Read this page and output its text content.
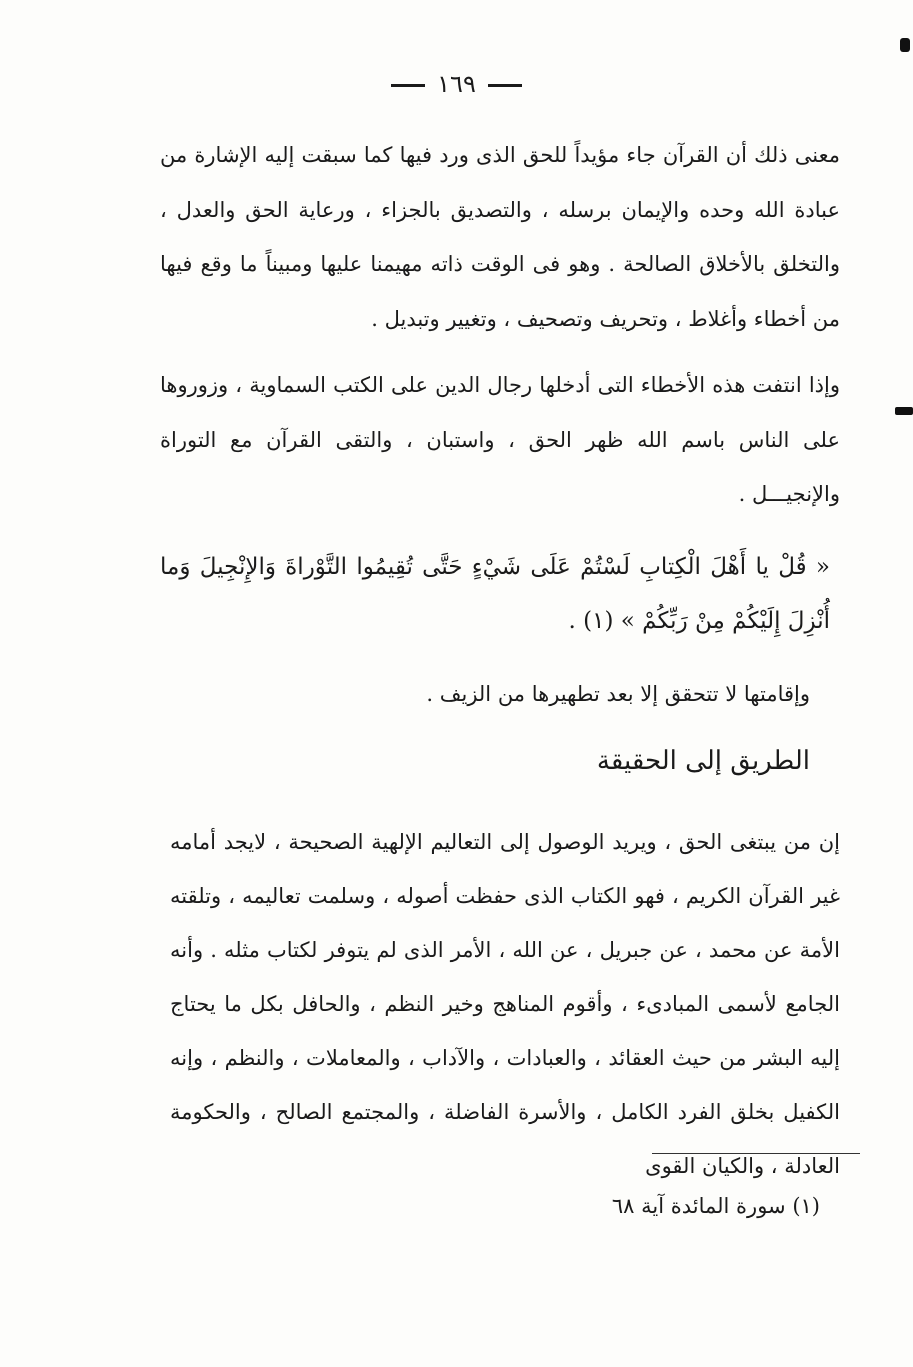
١٦٩

معنى ذلك أن القرآن جاء مؤيداً للحق الذى ورد فيها كما سبقت إليه الإشارة من عبادة الله وحده والإيمان برسله ، والتصديق بالجزاء ، ورعاية الحق والعدل ، والتخلق بالأخلاق الصالحة . وهو فى الوقت ذاته مهيمنا عليها ومبيناً ما وقع فيها من أخطاء وأغلاط ، وتحريف وتصحيف ، وتغيير وتبديل .

وإذا انتفت هذه الأخطاء التى أدخلها رجال الدين على الكتب السماوية ، وزوروها على الناس باسم الله ظهر الحق ، واستبان ، والتقى القرآن مع التوراة والإنجيـــل .

« قُلْ يا أَهْلَ الْكِتابِ لَسْتُمْ عَلَى شَيْءٍ حَتَّى تُقِيمُوا التَّوْراةَ وَالإِنْجِيلَ وَما أُنْزِلَ إِلَيْكُمْ مِنْ رَبِّكُمْ » (١) .

وإقامتها لا تتحقق إلا بعد تطهيرها من الزيف .

الطريق إلى الحقيقة

إن من يبتغى الحق ، ويريد الوصول إلى التعاليم الإلهية الصحيحة ، لايجد أمامه غير القرآن الكريم ، فهو الكتاب الذى حفظت أصوله ، وسلمت تعاليمه ، وتلقته الأمة عن محمد ، عن جبريل ، عن الله ، الأمر الذى لم يتوفر لكتاب مثله . وأنه الجامع لأسمى المبادىء ، وأقوم المناهج وخير النظم ، والحافل بكل ما يحتاج إليه البشر من حيث العقائد ، والعبادات ، والآداب ، والمعاملات ، والنظم ، وإنه الكفيل بخلق الفرد الكامل ، والأسرة الفاضلة ، والمجتمع الصالح ، والحكومة العادلة ، والكيان القوى

(١) سورة المائدة آية ٦٨
